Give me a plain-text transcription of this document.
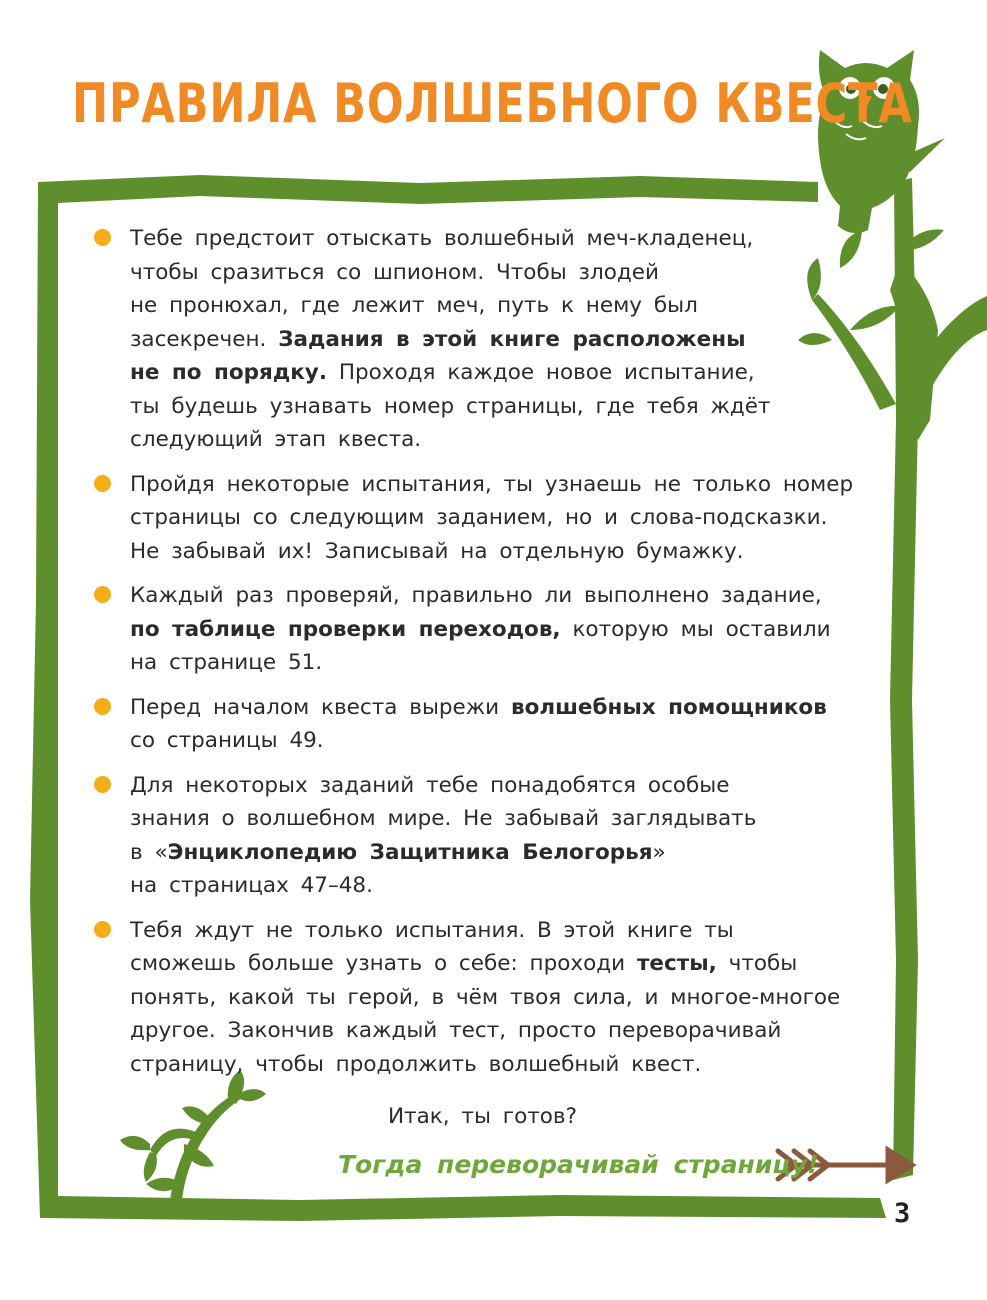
ПРАВИЛА ВОЛШЕБНОГО КВЕСТА
Тебе предстоит отыскать волшебный меч-кладенец,
чтобы сразиться со шпионом. Чтобы злодей
не пронюхал, где лежит меч, путь к нему был
засекречен. Задания в этой книге расположены
не по порядку. Проходя каждое новое испытание,
ты будешь узнавать номер страницы, где тебя ждёт
следующий этап квеста.
Пройдя некоторые испытания, ты узнаешь не только номер
страницы со следующим заданием, но и слова-подсказки.
Не забывай их! Записывай на отдельную бумажку.
Каждый раз проверяй, правильно ли выполнено задание,
по таблице проверки переходов, которую мы оставили
на странице 51.
Перед началом квеста вырежи волшебных помощников
со страницы 49.
Для некоторых заданий тебе понадобятся особые
знания о волшебном мире. Не забывай заглядывать
в «Энциклопедию Защитника Белогорья»
на страницах 47–48.
Тебя ждут не только испытания. В этой книге ты
сможешь больше узнать о себе: проходи тесты, чтобы
понять, какой ты герой, в чём твоя сила, и многое-многое
другое. Закончив каждый тест, просто переворачивай
страницу, чтобы продолжить волшебный квест.
Итак, ты готов?
Тогда переворачивай страницу!
3
